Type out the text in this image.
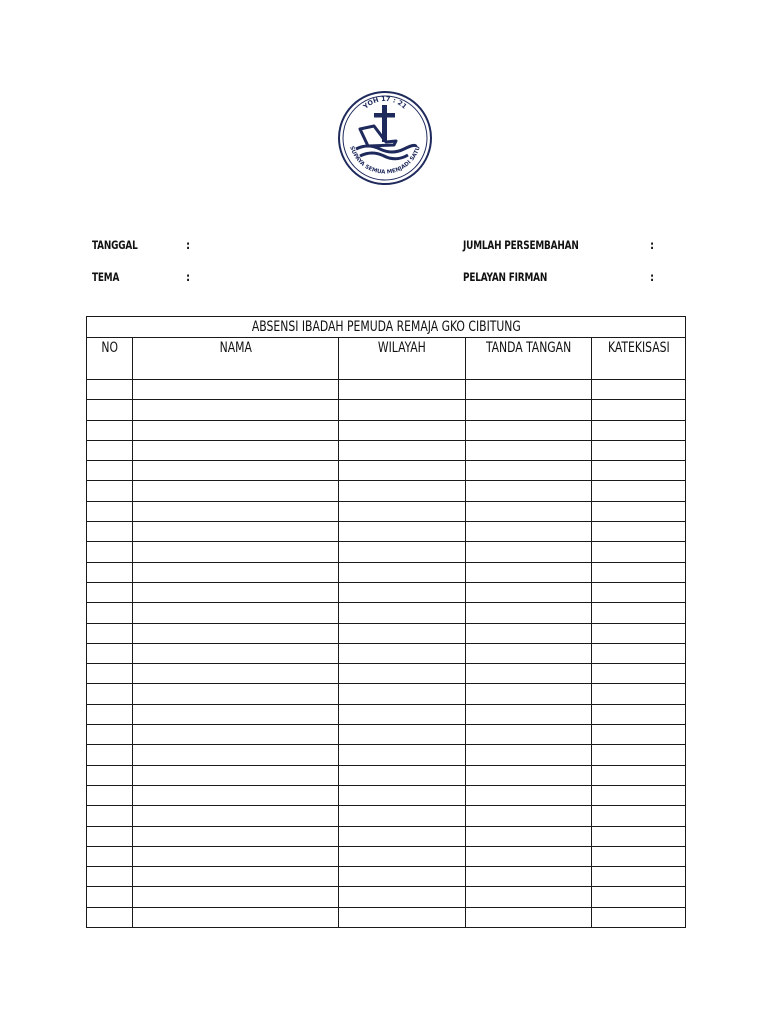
YOH 17 : 21
SUPAYA SEMUA MENJADI SATU
TANGGAL	:
TEMA	:
JUMLAH PERSEMBAHAN	:
PELAYAN FIRMAN	:
ABSENSI IBADAH PEMUDA REMAJA GKO CIBITUNG				
NO	NAMA	WILAYAH	TANDA TANGAN	KATEKISASI
